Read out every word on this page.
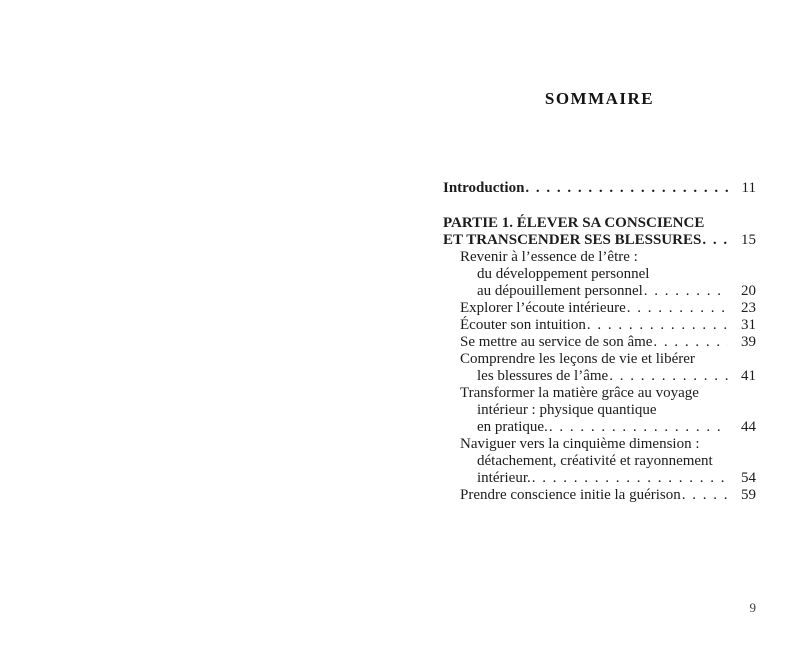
SOMMAIRE
Introduction . . .	11
PARTIE 1. ÉLEVER SA CONSCIENCE
ET TRANSCENDER SES BLESSURES . . .	15
Revenir à l’essence de l’être :
du développement personnel
au dépouillement personnel . . .	20
Explorer l’écoute intérieure . . .	23
Écouter son intuition . . .	31
Se mettre au service de son âme . . .	39
Comprendre les leçons de vie et libérer
les blessures de l’âme . . .	41
Transformer la matière grâce au voyage
intérieur : physique quantique
en pratique. . . .	44
Naviguer vers la cinquième dimension :
détachement, créativité et rayonnement
intérieur. . . .	54
Prendre conscience initie la guérison . . .	59
9
